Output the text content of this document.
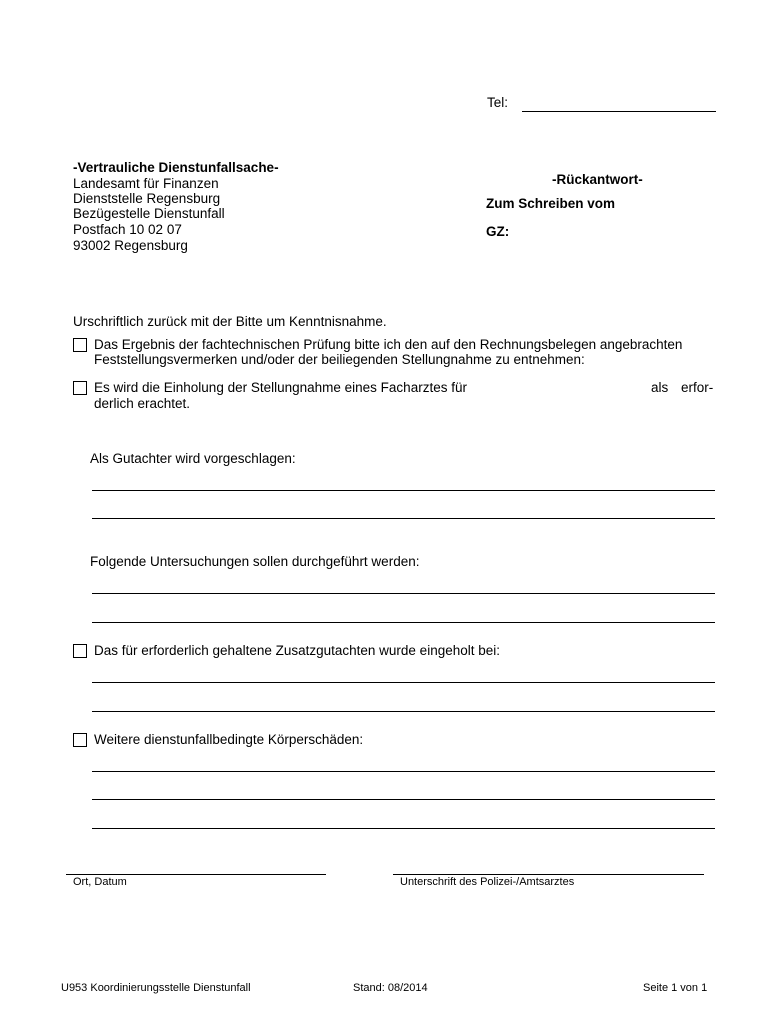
Tel:
-Vertrauliche Dienstunfallsache-
Landesamt für Finanzen
Dienststelle Regensburg
Bezügestelle Dienstunfall
Postfach 10 02 07
93002 Regensburg
-Rückantwort-
Zum Schreiben vom
GZ:
Urschriftlich zurück mit der Bitte um Kenntnisnahme.
Das Ergebnis der fachtechnischen Prüfung bitte ich den auf den Rechnungsbelegen angebrachten
Feststellungsvermerken und/oder der beiliegenden Stellungnahme zu entnehmen:
Es wird die Einholung der Stellungnahme eines Facharztes für	als erfor-
derlich erachtet.
Als Gutachter wird vorgeschlagen:
Folgende Untersuchungen sollen durchgeführt werden:
Das für erforderlich gehaltene Zusatzgutachten wurde eingeholt bei:
Weitere dienstunfallbedingte Körperschäden:
Ort, Datum	Unterschrift des Polizei-/Amtsarztes
U953 Koordinierungsstelle Dienstunfall	Stand: 08/2014	Seite 1 von 1
